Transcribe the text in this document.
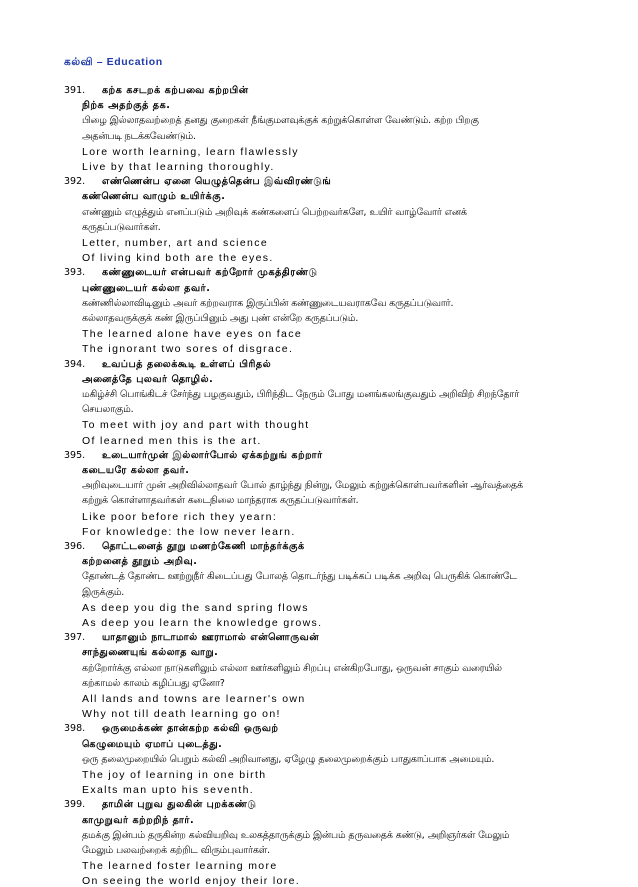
கல்வி – Education
391. கற்க கசடறக் கற்பவை கற்றபின்
நிற்க அதற்குத் தக.
பிழை இல்லாதவற்றைத் தனது குறைகள் நீங்குமளவுக்குக் கற்றுக்கொள்ள வேண்டும். கற்ற பிறகு
அதன்படி நடக்கவேண்டும்.
Lore worth learning, learn flawlessly
Live by that learning thoroughly.
392. எண்ணென்ப ஏனை யெழுத்தென்ப இவ்விரண்டுங்
கண்ணென்ப வாழும் உயிர்க்கு.
எண்ணும் எழுத்தும் எனப்படும் அறிவுக் கண்களைப் பெற்றவர்களே, உயிர் வாழ்வோர் எனக்
கருதப்படுவார்கள்.
Letter, number, art and science
Of living kind both are the eyes.
393. கண்ணுடையர் என்பவர் கற்றோர் முகத்திரண்டு
புண்ணுடையர் கல்லா தவர்.
கண்ணில்லாவிடினும் அவர் கற்றவராக இருப்பின் கண்ணுடையவராகவே கருதப்படுவார்.
கல்லாதவருக்குக் கண் இருப்பினும் அது புண் என்றே கருதப்படும்.
The learned alone have eyes on face
The ignorant two sores of disgrace.
394. உவப்பத் தலைக்கூடி உள்ளப் பிரிதல்
அனைத்தே புலவர் தொழில்.
மகிழ்ச்சி பொங்கிடச் சேர்ந்து பழகுவதும், பிரிந்திட நேரும் போது மனங்கலங்குவதும் அறிவிற் சிறந்தோர்
செயலாகும்.
To meet with joy and part with thought
Of learned men this is the art.
395. உடையார்முன் இல்லார்போல் ஏக்கற்றுங் கற்றார்
கடையரே கல்லா தவர்.
அறிவுடையார் முன் அறிவில்லாதவர் போல் தாழ்ந்து நின்று, மேலும் கற்றுக்கொள்பவர்களின் ஆர்வத்தைக்
கற்றுக் கொள்ளாதவர்கள் கடைநிலை மாந்தராக கருதப்படுவார்கள்.
Like poor before rich they yearn:
For knowledge: the low never learn.
396. தொட்டனைத் தூறு மணற்கேணி மாந்தர்க்குக்
கற்றனைத் தூறும் அறிவு.
தோண்டத் தோண்ட ஊற்றுநீர் கிடைப்பது போலத் தொடர்ந்து படிக்கப் படிக்க அறிவு பெருகிக் கொண்டே
இருக்கும்.
As deep you dig the sand spring flows
As deep you learn the knowledge grows.
397. யாதானும் நாடாமால் ஊராமால் என்னொருவன்
சாந்துணையுங் கல்லாத வாறு.
கற்றோர்க்கு எல்லா நாடுகளிலும் எல்லா ஊர்களிலும் சிறப்பு என்கிறபோது, ஒருவன் சாகும் வரையில்
கற்காமல் காலம் கழிப்பது ஏனோ?
All lands and towns are learner's own
Why not till death learning go on!
398. ஒருமைக்கண் தான்கற்ற கல்வி ஒருவற்
கெழுமையும் ஏமாப் புடைத்து.
ஒரு தலைமுறையில் பெறும் கல்வி அறிவானது, ஏழேழு தலைமுறைக்கும் பாதுகாப்பாக அமையும்.
The joy of learning in one birth
Exalts man upto his seventh.
399. தாமின் புறுவ துலகின் புறக்கண்டு
காமுறுவர் கற்றறிந் தார்.
தமக்கு இன்பம் தருகின்ற கல்வியறிவு உலகத்தாருக்கும் இன்பம் தருவதைக் கண்டு, அறிஞர்கள் மேலும்
மேலும் பலவற்றைக் கற்றிட விரும்புவார்கள்.
The learned foster learning more
On seeing the world enjoy their lore.
